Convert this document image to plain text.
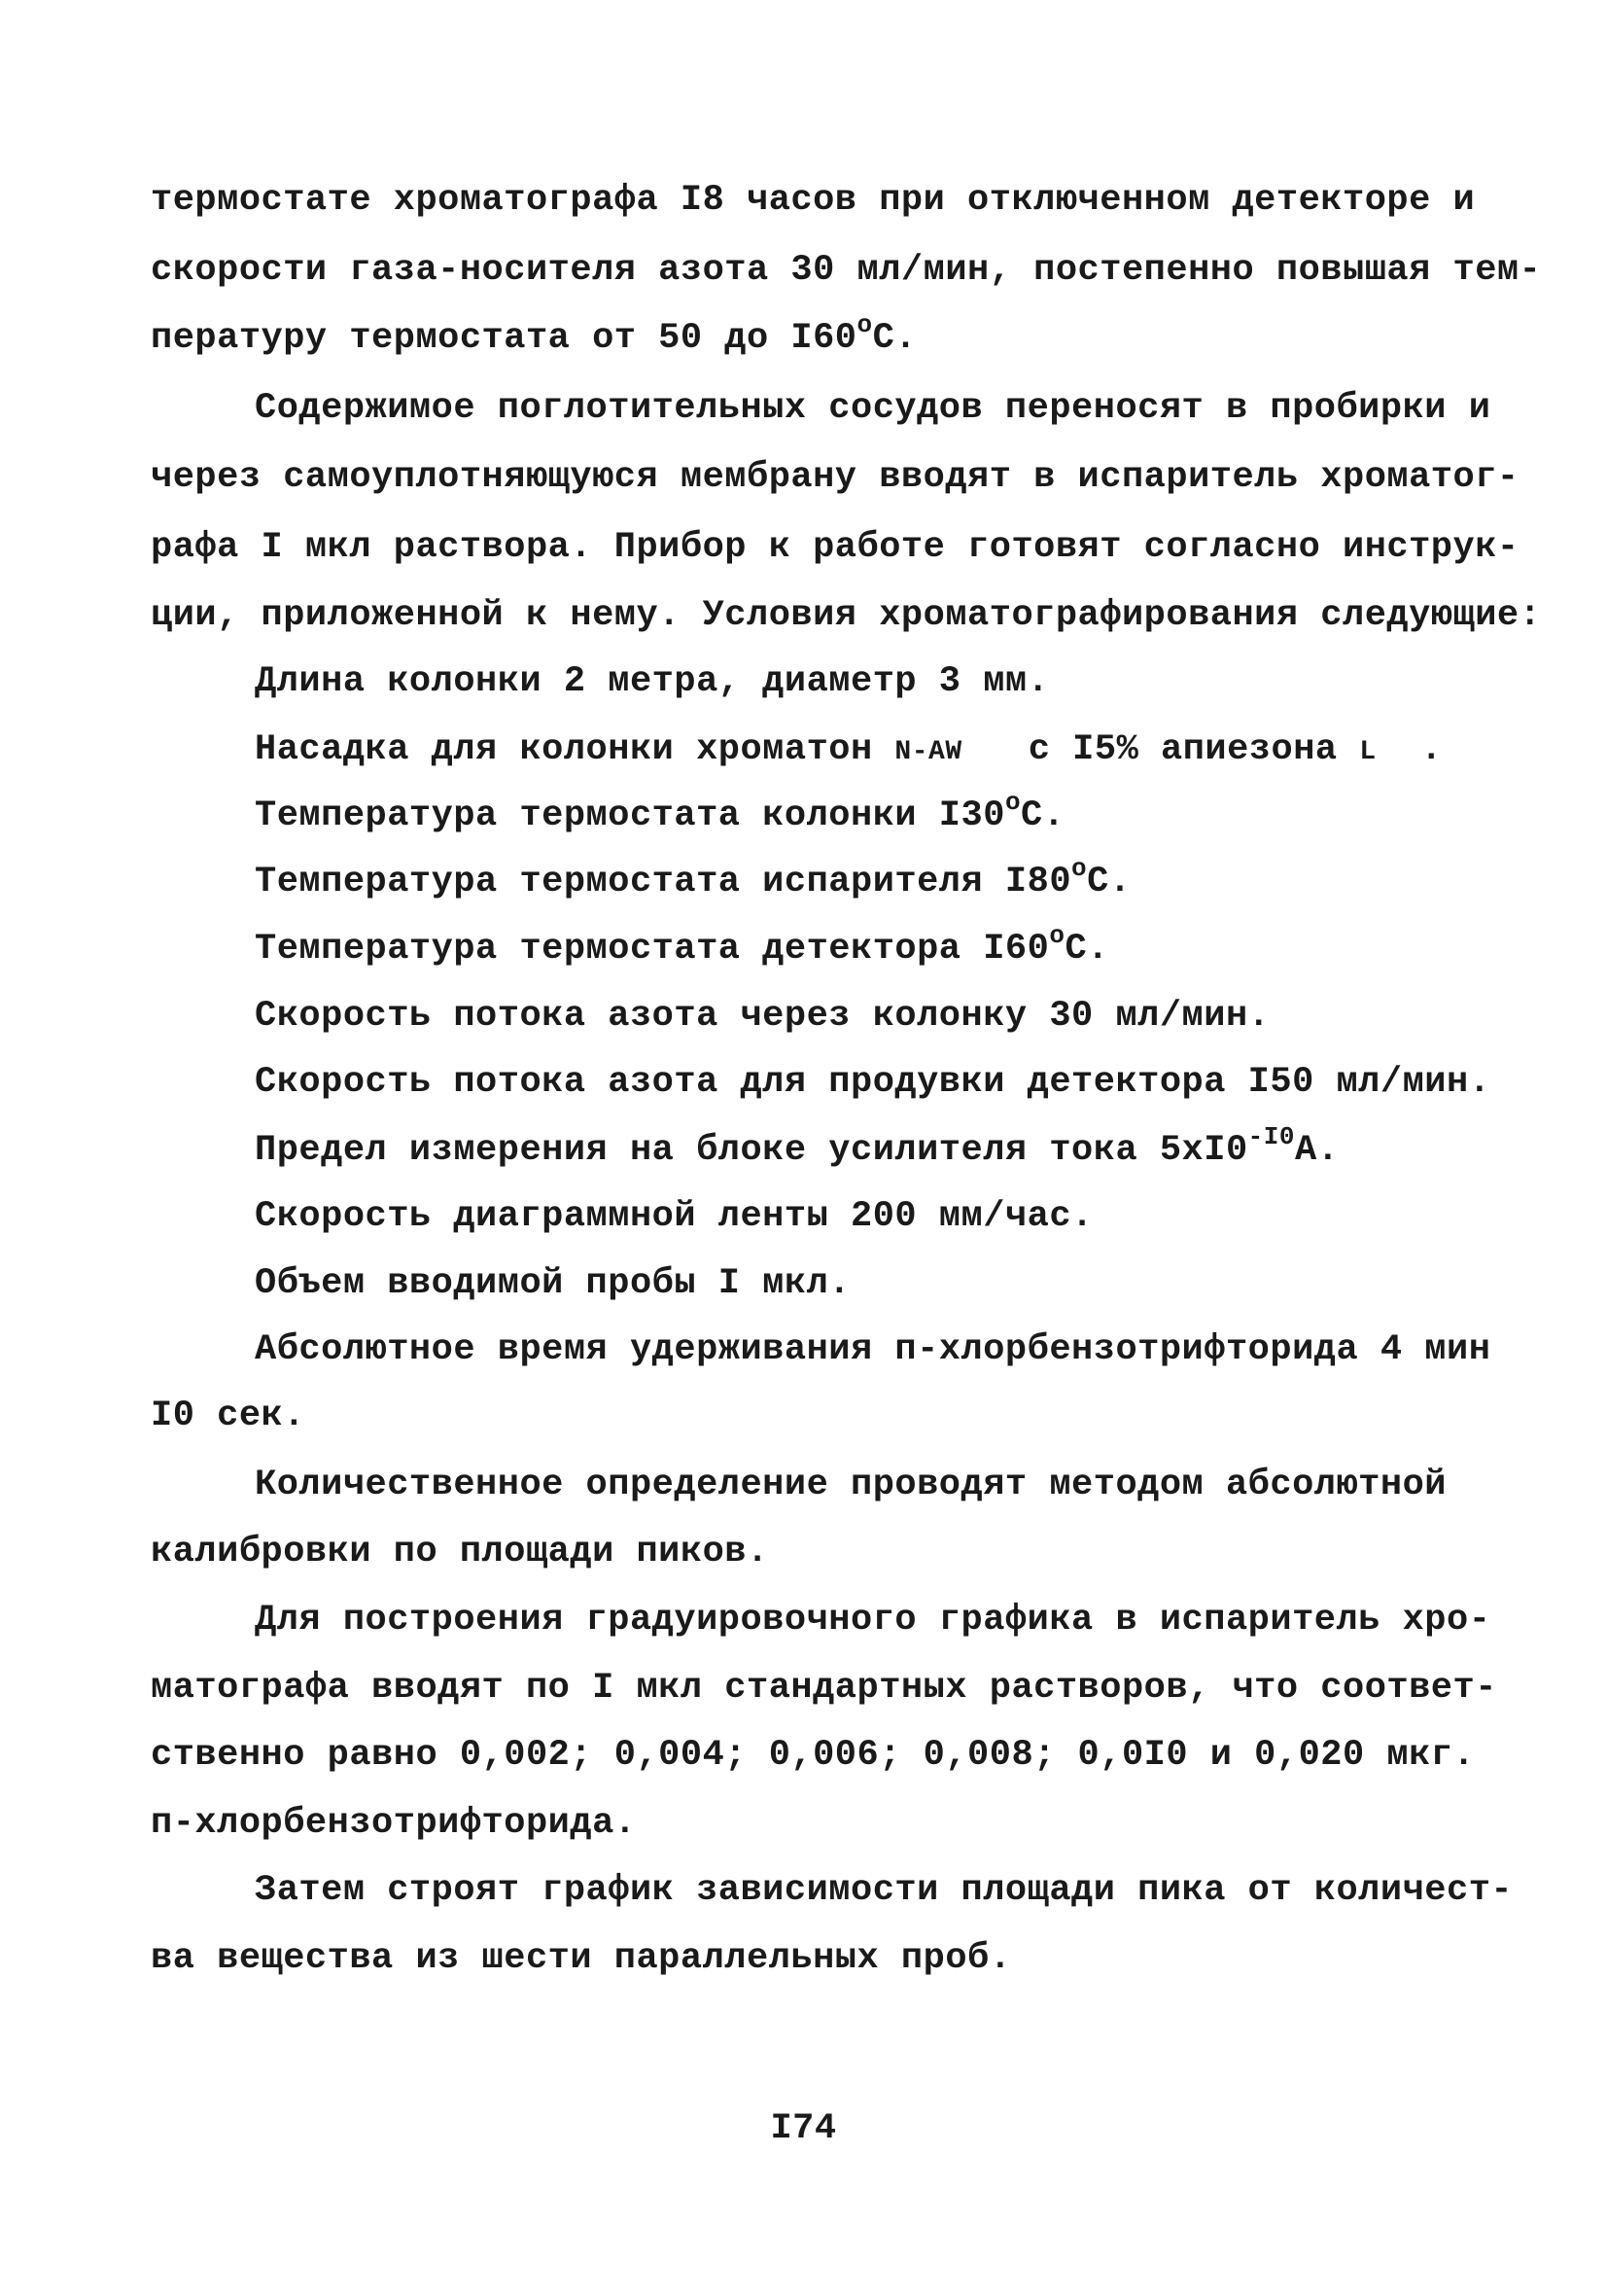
термостате хроматографа I8 часов при отключенном детекторе и
скорости газа-носителя азота 30 мл/мин, постепенно повышая тем-
пературу термостата от 50 до $I60^оС$.
Содержимое поглотительных сосудов переносят в пробирки и
через самоуплотняющуюся мембрану вводят в испаритель хроматог-
рафа I мкл раствора. Прибор к работе готовят согласно инструк-
ции, приложенной к нему. Условия хроматографирования следующие:
Длина колонки 2 метра, диаметр 3 мм.
Насадка для колонки хроматон N-AW с I5% апиезона L .
Температура термостата колонки $I30^оС$.
Температура термостата испарителя $I80^оС$.
Температура термостата детектора $I60^оС$.
Скорость потока азота через колонку 30 мл/мин.
Скорость потока азота для продувки детектора I50 мл/мин.
Предел измерения на блоке усилителя тока $5хI0^{-I0}А$.
Скорость диаграммной ленты 200 мм/час.
Объем вводимой пробы I мкл.
Абсолютное время удерживания п-хлорбензотрифторида 4 мин
I0 сек.
Количественное определение проводят методом абсолютной
калибровки по площади пиков.
Для построения градуировочного графика в испаритель хро-
матографа вводят по I мкл стандартных растворов, что соответ-
ственно равно 0,002; 0,004; 0,006; 0,008; 0,0I0 и 0,020 мкг.
п-хлорбензотрифторида.
Затем строят график зависимости площади пика от количест-
ва вещества из шести параллельных проб.
I74
